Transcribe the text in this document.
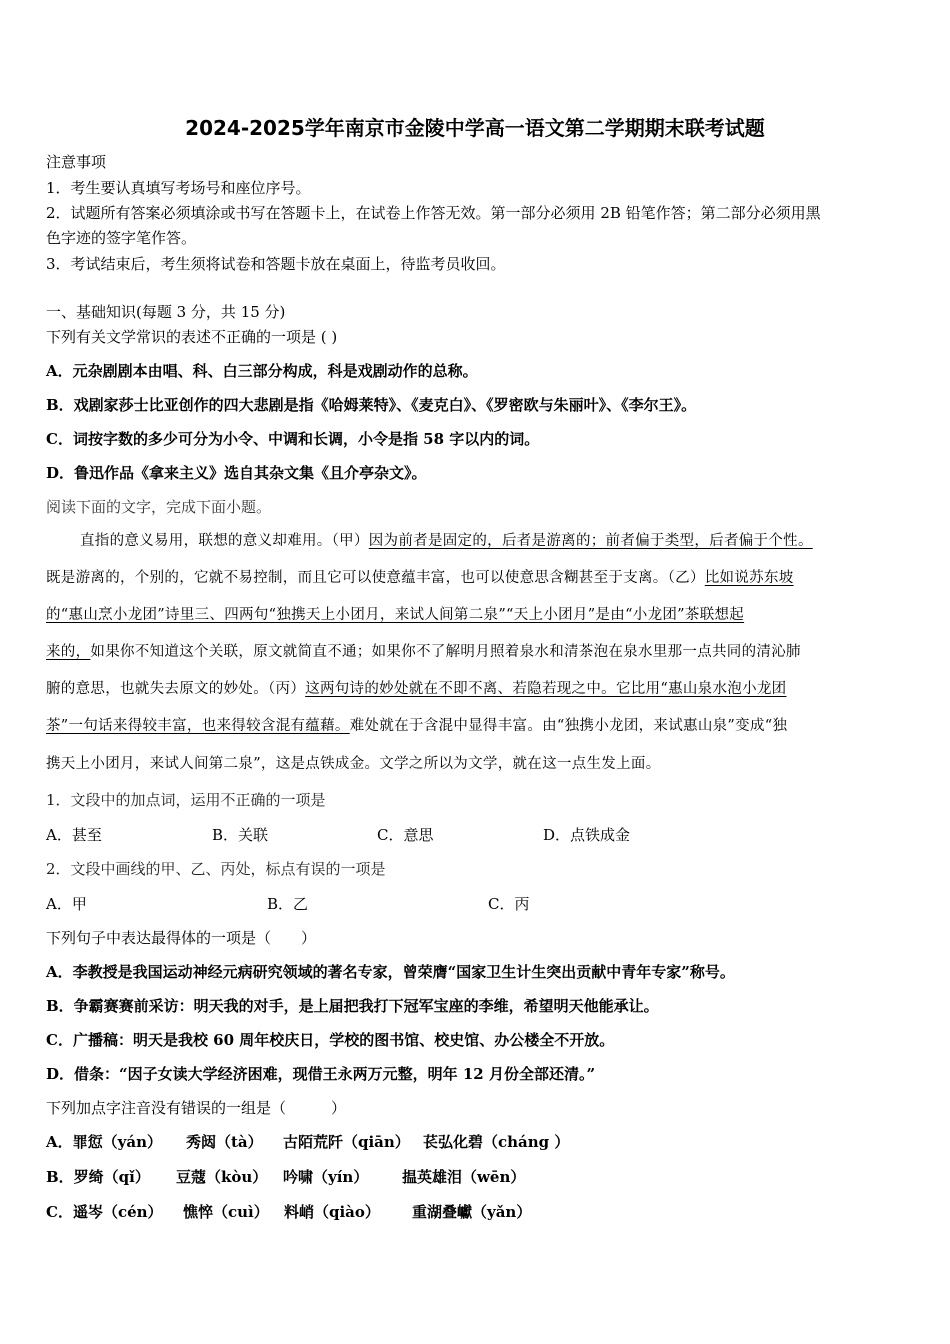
2024-2025学年南京市金陵中学高一语文第二学期期末联考试题
注意事项
1．考生要认真填写考场号和座位序号。
2．试题所有答案必须填涂或书写在答题卡上，在试卷上作答无效。第一部分必须用 2B 铅笔作答；第二部分必须用黑
色字迹的签字笔作答。
3．考试结束后，考生须将试卷和答题卡放在桌面上，待监考员收回。
一、基础知识(每题 3 分，共 15 分)
下列有关文学常识的表述不正确的一项是 ( )
A．元杂剧剧本由唱、科、白三部分构成，科是戏剧动作的总称。
B．戏剧家莎士比亚创作的四大悲剧是指《哈姆莱特》、《麦克白》、《罗密欧与朱丽叶》、《李尔王》。
C．词按字数的多少可分为小令、中调和长调，小令是指 58 字以内的词。
D．鲁迅作品《拿来主义》选自其杂文集《且介亭杂文》。
阅读下面的文字，完成下面小题。
直指的意义易用，联想的意义却难用。（甲）因为前者是固定的，后者是游离的；前者偏于类型，后者偏于个性。
既是游离的，个别的，它就不易控制，而且它可以使意蕴丰富，也可以使意思含糊甚至于支离。（乙）比如说苏东坡
的“惠山烹小龙团”诗里三、四两句“独携天上小团月，来试人间第二泉”“天上小团月”是由“小龙团”茶联想起
来的，如果你不知道这个关联，原文就简直不通；如果你不了解明月照着泉水和清茶泡在泉水里那一点共同的清沁肺
腑的意思，也就失去原文的妙处。（丙）这两句诗的妙处就在不即不离、若隐若现之中。它比用“惠山泉水泡小龙团
茶”一句话来得较丰富，也来得较含混有蕴藉。难处就在于含混中显得丰富。由“独携小龙团，来试惠山泉”变成“独
携天上小团月，来试人间第二泉”，这是点铁成金。文学之所以为文学，就在这一点生发上面。
1．文段中的加点词，运用不正确的一项是
A．甚至	B．关联	C．意思	D．点铁成金
2．文段中画线的甲、乙、丙处，标点有误的一项是
A．甲	B．乙	C．丙
下列句子中表达最得体的一项是（　　）
A．李教授是我国运动神经元病研究领域的著名专家，曾荣膺“国家卫生计生突出贡献中青年专家”称号。
B．争霸赛赛前采访：明天我的对手，是上届把我打下冠军宝座的李维，希望明天他能承让。
C．广播稿：明天是我校 60 周年校庆日，学校的图书馆、校史馆、办公楼全不开放。
D．借条：“因子女读大学经济困难，现借王永两万元整，明年 12 月份全部还清。”
下列加点字注音没有错误的一组是（　　　）
A．罪愆（yán） 秀闼（tà） 古陌荒阡（qiān） 苌弘化碧（cháng ）
B．罗绮（qǐ） 豆蔻（kòu） 吟啸（yín） 揾英雄泪（wēn）
C．遥岑（cén） 憔悴（cuì） 料峭（qiào） 重湖叠巘（yǎn）
